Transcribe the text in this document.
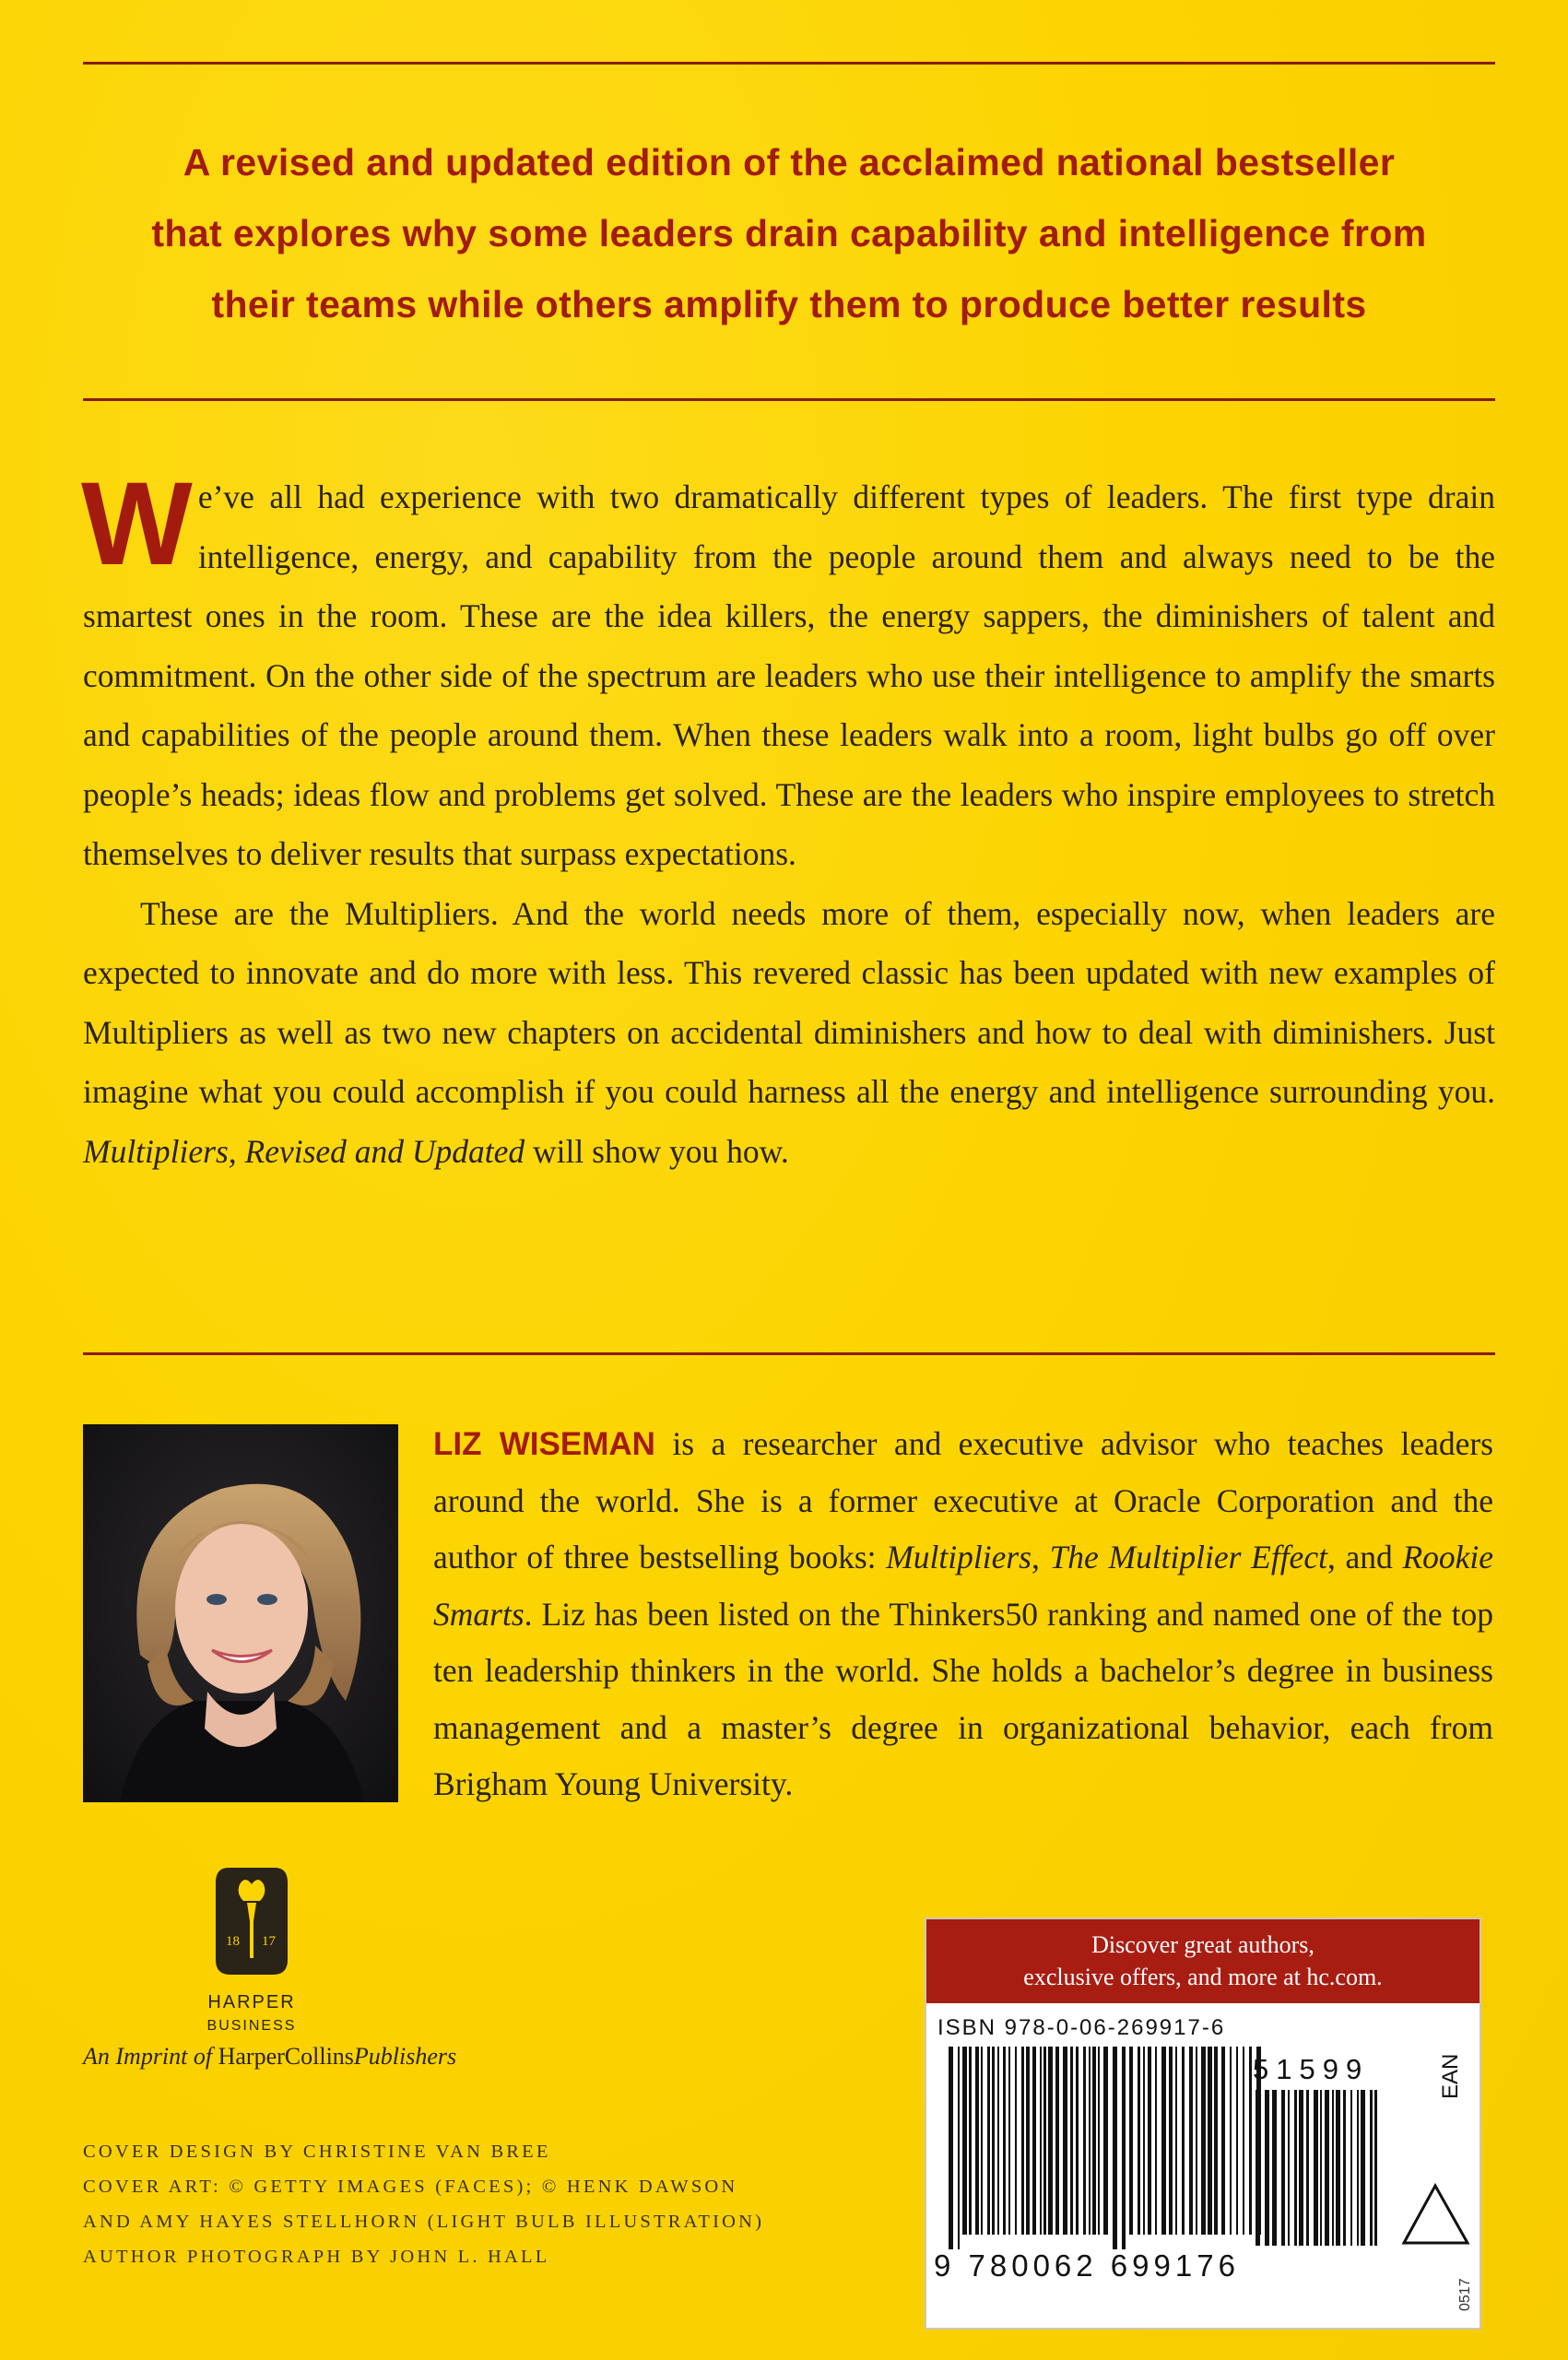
A revised and updated edition of the acclaimed national bestseller
that explores why some leaders drain capability and intelligence from
their teams while others amplify them to produce better results

We’ve all had experience with two dramatically different types of leaders. The first type drain intelligence, energy, and capability from the people around them and always need to be the smartest ones in the room. These are the idea killers, the energy sappers, the diminishers of talent and commitment. On the other side of the spectrum are leaders who use their intelligence to amplify the smarts and capabilities of the people around them. When these leaders walk into a room, light bulbs go off over people’s heads; ideas flow and problems get solved. These are the leaders who inspire employees to stretch themselves to deliver results that surpass expectations.

These are the Multipliers. And the world needs more of them, especially now, when leaders are expected to innovate and do more with less. This revered classic has been updated with new examples of Multipliers as well as two new chapters on accidental diminishers and how to deal with diminishers. Just imagine what you could accomplish if you could harness all the energy and intelligence surrounding you. Multipliers, Revised and Updated will show you how.

LIZ WISEMAN is a researcher and executive advisor who teaches leaders around the world. She is a former executive at Oracle Corporation and the author of three bestselling books: Multipliers, The Multiplier Effect, and Rookie Smarts. Liz has been listed on the Thinkers50 ranking and named one of the top ten leadership thinkers in the world. She holds a bachelor’s degree in business management and a master’s degree in organizational behavior, each from Brigham Young University.
18 17
HARPER
BUSINESS
An Imprint of HarperCollinsPublishers
COVER DESIGN BY CHRISTINE VAN BREE
COVER ART: © GETTY IMAGES (FACES); © HENK DAWSON
AND AMY HAYES STELLHORN (LIGHT BULB ILLUSTRATION)
AUTHOR PHOTOGRAPH BY JOHN L. HALL
Discover great authors,
exclusive offers, and more at hc.com.
ISBN 978-0-06-269917-6
9 780062 699176
51599	EAN
0517
